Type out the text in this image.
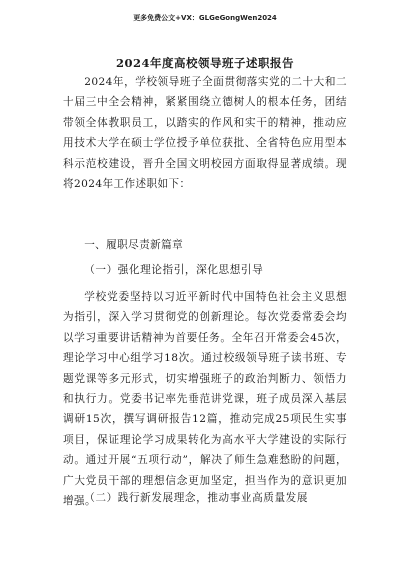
更多免费公文+VX：GLGeGongWen2024
2024年度高校领导班子述职报告

2024年，学校领导班子全面贯彻落实党的二十大和二十届三中全会精神，紧紧围绕立德树人的根本任务，团结带领全体教职员工，以踏实的作风和实干的精神，推动应用技术大学在硕士学位授予单位获批、全省特色应用型本科示范校建设，晋升全国文明校园方面取得显著成绩。现将2024年工作述职如下：

一、履职尽责新篇章

（一）强化理论指引，深化思想引导

学校党委坚持以习近平新时代中国特色社会主义思想为指引，深入学习贯彻党的创新理论。每次党委常委会均以学习重要讲话精神为首要任务。全年召开常委会45次，理论学习中心组学习18次。通过校级领导班子读书班、专题党课等多元形式，切实增强班子的政治判断力、领悟力和执行力。党委书记率先垂范讲党课，班子成员深入基层调研15次，撰写调研报告12篇，推动完成25项民生实事项目，保证理论学习成果转化为高水平大学建设的实际行动。通过开展“五项行动”，解决了师生急难愁盼的问题，广大党员干部的理想信念更加坚定，担当作为的意识更加增强。

（二）践行新发展理念，推动事业高质量发展
